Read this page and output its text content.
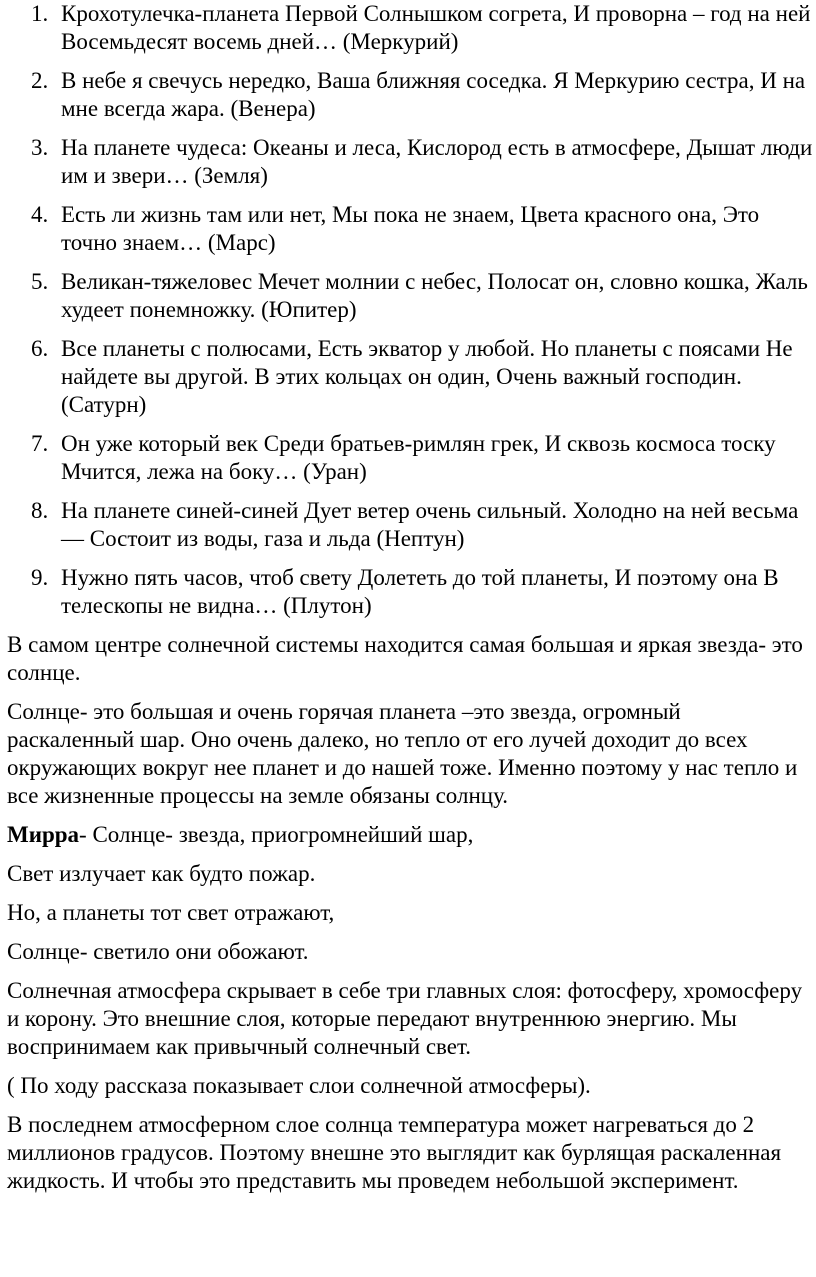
1. Крохотулечка-планета Первой Солнышком согрета, И проворна – год на ней Восемьдесят восемь дней… (Меркурий)
2. В небе я свечусь нередко, Ваша ближняя соседка. Я Меркурию сестра, И на мне всегда жара. (Венера)
3. На планете чудеса: Океаны и леса, Кислород есть в атмосфере, Дышат люди им и звери… (Земля)
4. Есть ли жизнь там или нет, Мы пока не знаем, Цвета красного она, Это точно знаем… (Марс)
5. Великан-тяжеловес Мечет молнии с небес, Полосат он, словно кошка, Жаль худеет понемножку. (Юпитер)
6. Все планеты с полюсами, Есть экватор у любой. Но планеты с поясами Не найдете вы другой. В этих кольцах он один, Очень важный господин. (Сатурн)
7. Он уже который век Среди братьев-римлян грек, И сквозь космоса тоску Мчится, лежа на боку… (Уран)
8. На планете синей-синей Дует ветер очень сильный. Холодно на ней весьма — Состоит из воды, газа и льда (Нептун)
9. Нужно пять часов, чтоб свету Долететь до той планеты, И поэтому она В телескопы не видна… (Плутон)

В самом центре солнечной системы находится самая большая и яркая звезда- это солнце.

Солнце- это большая и очень горячая планета –это звезда, огромный раскаленный шар. Оно очень далеко, но тепло от его лучей доходит до всех окружающих вокруг нее планет и до нашей тоже. Именно поэтому у нас тепло и все жизненные процессы на земле обязаны солнцу.

Мирра- Солнце- звезда, приогромнейший шар,

Свет излучает как будто пожар.

Но, а планеты тот свет отражают,

Солнце- светило они обожают.

Солнечная атмосфера скрывает в себе три главных слоя: фотосферу, хромосферу и корону. Это внешние слоя, которые передают внутреннюю энергию. Мы воспринимаем как привычный солнечный свет.

( По ходу рассказа показывает слои солнечной атмосферы).

В последнем атмосферном слое солнца температура может нагреваться до 2 миллионов градусов. Поэтому внешне это выглядит как бурлящая раскаленная жидкость. И чтобы это представить мы проведем небольшой эксперимент.
